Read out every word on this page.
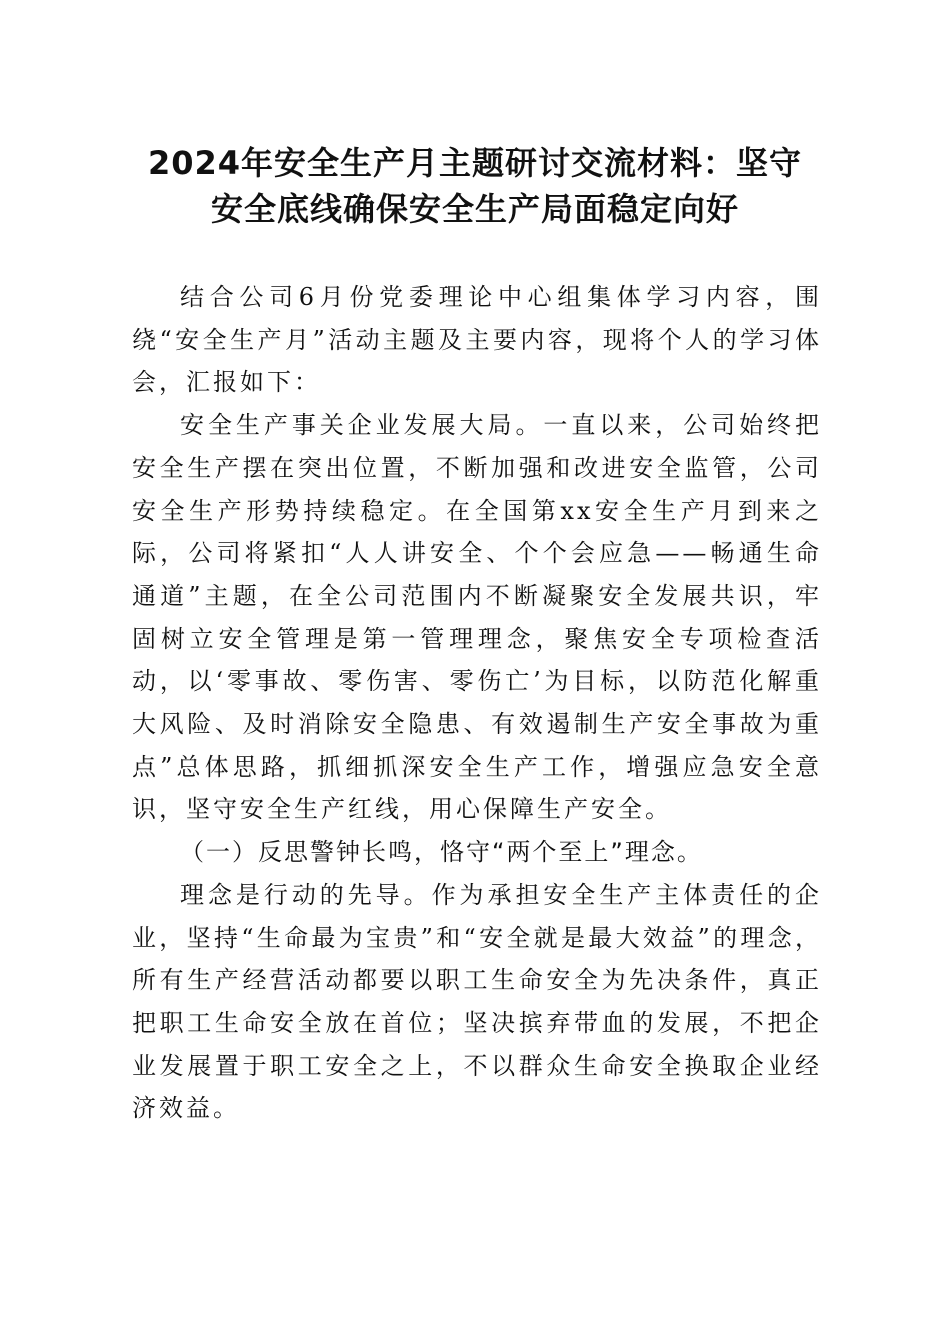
2024年安全生产月主题研讨交流材料：坚守
安全底线确保安全生产局面稳定向好

结合公司6月份党委理论中心组集体学习内容，围绕“安全生产月”活动主题及主要内容，现将个人的学习体会，汇报如下：

安全生产事关企业发展大局。一直以来，公司始终把安全生产摆在突出位置，不断加强和改进安全监管，公司安全生产形势持续稳定。在全国第xx安全生产月到来之际，公司将紧扣“人人讲安全、个个会应急——畅通生命通道”主题，在全公司范围内不断凝聚安全发展共识，牢固树立安全管理是第一管理理念，聚焦安全专项检查活动，以‘零事故、零伤害、零伤亡’为目标，以防范化解重大风险、及时消除安全隐患、有效遏制生产安全事故为重点”总体思路，抓细抓深安全生产工作，增强应急安全意识，坚守安全生产红线，用心保障生产安全。

（一）反思警钟长鸣，恪守“两个至上”理念。

理念是行动的先导。作为承担安全生产主体责任的企业，坚持“生命最为宝贵”和“安全就是最大效益”的理念，所有生产经营活动都要以职工生命安全为先决条件，真正把职工生命安全放在首位；坚决摈弃带血的发展，不把企业发展置于职工安全之上，不以群众生命安全换取企业经济效益。
